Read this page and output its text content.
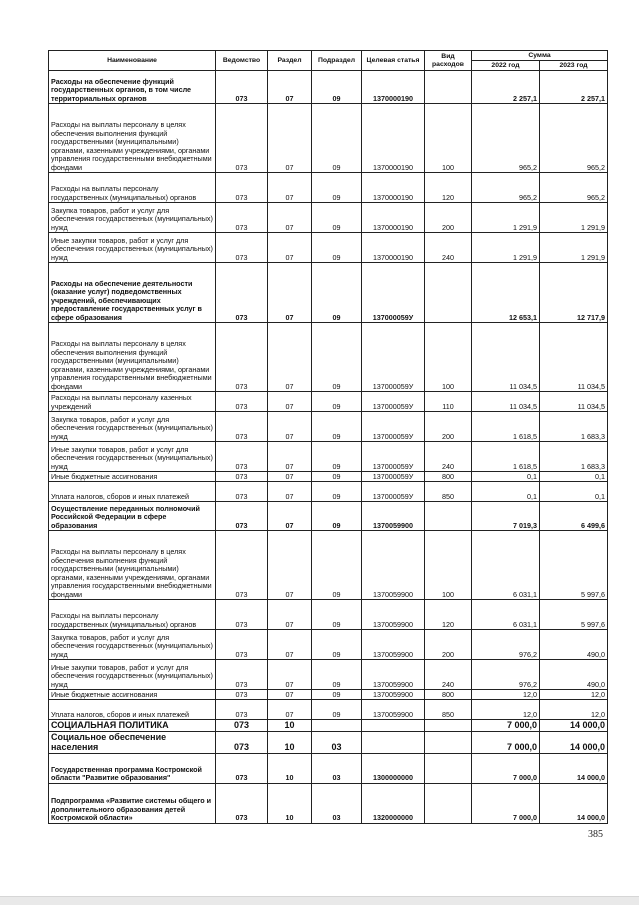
Наименование	Ведомство	Раздел	Подраздел	Целевая статья	Вид расходов	Сумма	
						2022 год	2023 год
Расходы на обеспечение функций государственных органов, в том числе территориальных органов	073	07	09	1370000190		2 257,1	2 257,1
Расходы на выплаты персоналу в целях обеспечения выполнения функций государственными (муниципальными) органами, казенными учреждениями, органами управления государственными внебюджетными фондами	073	07	09	1370000190	100	965,2	965,2
Расходы на выплаты персоналу государственных (муниципальных) органов	073	07	09	1370000190	120	965,2	965,2
Закупка товаров, работ и услуг для обеспечения государственных (муниципальных) нужд	073	07	09	1370000190	200	1 291,9	1 291,9
Иные закупки товаров, работ и услуг для обеспечения государственных (муниципальных) нужд	073	07	09	1370000190	240	1 291,9	1 291,9
Расходы на обеспечение деятельности (оказание услуг) подведомственных учреждений, обеспечивающих предоставление государственных услуг в сфере образования	073	07	09	137000059У		12 653,1	12 717,9
Расходы на выплаты персоналу в целях обеспечения выполнения функций государственными (муниципальными) органами, казенными учреждениями, органами управления государственными внебюджетными фондами	073	07	09	137000059У	100	11 034,5	11 034,5
Расходы на выплаты персоналу казенных учреждений	073	07	09	137000059У	110	11 034,5	11 034,5
Закупка товаров, работ и услуг для обеспечения государственных (муниципальных) нужд	073	07	09	137000059У	200	1 618,5	1 683,3
Иные закупки товаров, работ и услуг для обеспечения государственных (муниципальных) нужд	073	07	09	137000059У	240	1 618,5	1 683,3
Иные бюджетные ассигнования	073	07	09	137000059У	800	0,1	0,1
Уплата налогов, сборов и иных платежей	073	07	09	137000059У	850	0,1	0,1
Осуществление переданных полномочий Российской Федерации в сфере образования	073	07	09	1370059900		7 019,3	6 499,6
Расходы на выплаты персоналу в целях обеспечения выполнения функций государственными (муниципальными) органами, казенными учреждениями, органами управления государственными внебюджетными фондами	073	07	09	1370059900	100	6 031,1	5 997,6
Расходы на выплаты персоналу государственных (муниципальных) органов	073	07	09	1370059900	120	6 031,1	5 997,6
Закупка товаров, работ и услуг для обеспечения государственных (муниципальных) нужд	073	07	09	1370059900	200	976,2	490,0
Иные закупки товаров, работ и услуг для обеспечения государственных (муниципальных) нужд	073	07	09	1370059900	240	976,2	490,0
Иные бюджетные ассигнования	073	07	09	1370059900	800	12,0	12,0
Уплата налогов, сборов и иных платежей	073	07	09	1370059900	850	12,0	12,0
СОЦИАЛЬНАЯ ПОЛИТИКА	073	10				7 000,0	14 000,0
Социальное обеспечение населения	073	10	03			7 000,0	14 000,0
Государственная программа Костромской области "Развитие образования"	073	10	03	1300000000		7 000,0	14 000,0
Подпрограмма «Развитие системы общего и дополнительного образования детей Костромской области»	073	10	03	1320000000		7 000,0	14 000,0
385
